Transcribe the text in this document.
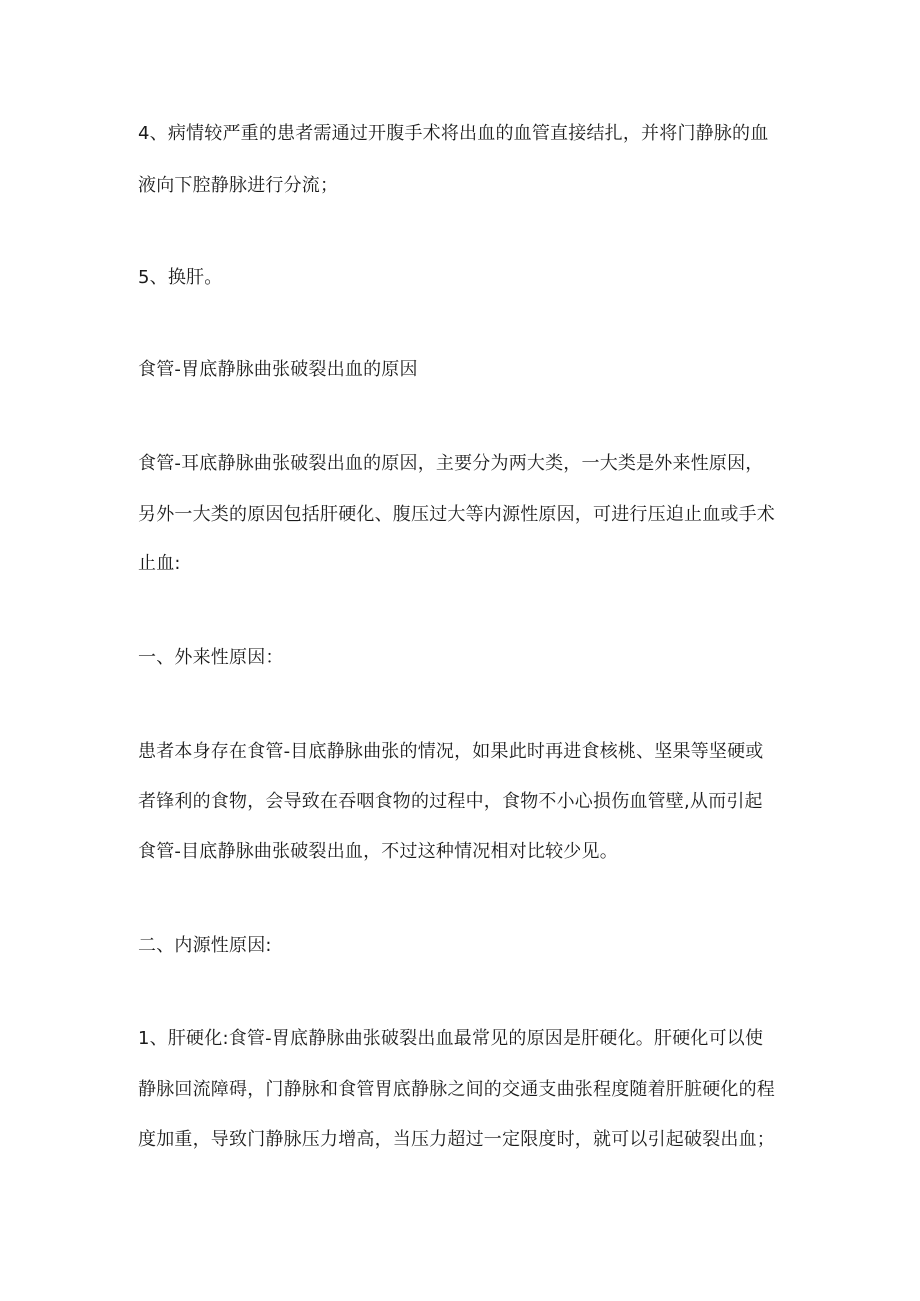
4、病情较严重的患者需通过开腹手术将出血的血管直接结扎，并将门静脉的血
液向下腔静脉进行分流；
5、换肝。
食管-胃底静脉曲张破裂出血的原因
食管-耳底静脉曲张破裂出血的原因，主要分为两大类，一大类是外来性原因，
另外一大类的原因包括肝硬化、腹压过大等内源性原因，可进行压迫止血或手术
止血:
一、外来性原因：
患者本身存在食管-目底静脉曲张的情况，如果此时再进食核桃、坚果等坚硬或
者锋利的食物，会导致在吞咽食物的过程中，食物不小心损伤血管壁,从而引起
食管-目底静脉曲张破裂出血，不过这种情况相对比较少见。
二、内源性原因:
1、肝硬化:食管-胃底静脉曲张破裂出血最常见的原因是肝硬化。肝硬化可以使
静脉回流障碍，门静脉和食管胃底静脉之间的交通支曲张程度随着肝脏硬化的程
度加重，导致门静脉压力增高，当压力超过一定限度时，就可以引起破裂出血；
